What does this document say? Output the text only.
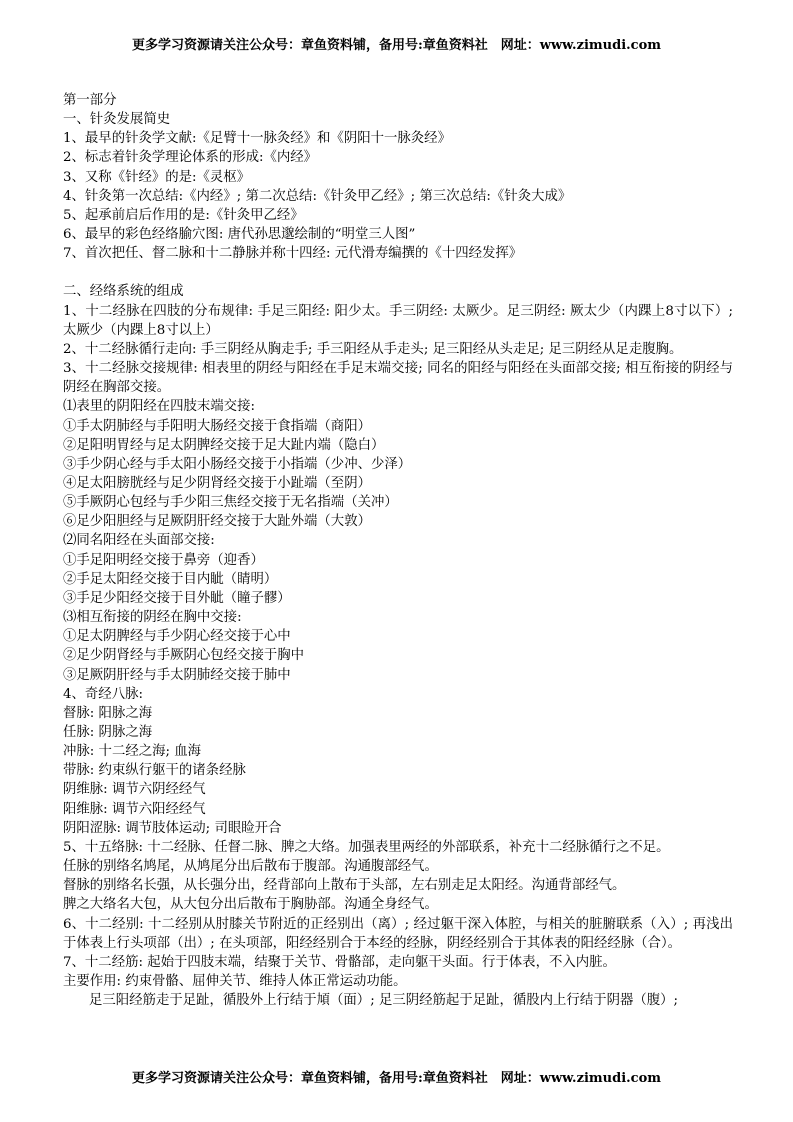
更多学习资源请关注公众号：章鱼资料铺，备用号:章鱼资料社　网址：www.zimudi.com

第一部分

一、针灸发展简史

1、最早的针灸学文献:《足臂十一脉灸经》和《阴阳十一脉灸经》

2、标志着针灸学理论体系的形成:《内经》

3、又称《针经》的是:《灵枢》

4、针灸第一次总结:《内经》; 第二次总结:《针灸甲乙经》; 第三次总结:《针灸大成》

5、起承前启后作用的是:《针灸甲乙经》

6、最早的彩色经络腧穴图: 唐代孙思邈绘制的“明堂三人图”

7、首次把任、督二脉和十二静脉并称十四经: 元代滑寿编撰的《十四经发挥》

二、经络系统的组成

1、十二经脉在四肢的分布规律: 手足三阳经: 阳少太。手三阴经: 太厥少。足三阴经: 厥太少（内踝上8寸以下）; 太厥少（内踝上8寸以上）

2、十二经脉循行走向: 手三阴经从胸走手; 手三阳经从手走头; 足三阳经从头走足; 足三阴经从足走腹胸。

3、十二经脉交接规律: 相表里的阴经与阳经在手足末端交接; 同名的阳经与阳经在头面部交接; 相互衔接的阴经与阴经在胸部交接。

⑴表里的阴阳经在四肢末端交接:

①手太阴肺经与手阳明大肠经交接于食指端（商阳）

②足阳明胃经与足太阴脾经交接于足大趾内端（隐白）

③手少阴心经与手太阳小肠经交接于小指端（少冲、少泽）

④足太阳膀胱经与足少阴肾经交接于小趾端（至阴）

⑤手厥阴心包经与手少阳三焦经交接于无名指端（关冲）

⑥足少阳胆经与足厥阴肝经交接于大趾外端（大敦）

⑵同名阳经在头面部交接:

①手足阳明经交接于鼻旁（迎香）

②手足太阳经交接于目内眦（睛明）

③手足少阳经交接于目外眦（瞳子髎）

⑶相互衔接的阴经在胸中交接:

①足太阴脾经与手少阴心经交接于心中

②足少阴肾经与手厥阴心包经交接于胸中

③足厥阴肝经与手太阴肺经交接于肺中

4、奇经八脉:

督脉: 阳脉之海

任脉: 阴脉之海

冲脉: 十二经之海; 血海

带脉: 约束纵行躯干的诸条经脉

阴维脉: 调节六阴经经气

阳维脉: 调节六阳经经气

阴阳涩脉: 调节肢体运动; 司眼睑开合

5、十五络脉: 十二经脉、任督二脉、脾之大络。加强表里两经的外部联系，补充十二经脉循行之不足。

任脉的别络名鸠尾，从鸠尾分出后散布于腹部。沟通腹部经气。

督脉的别络名长强，从长强分出，经背部向上散布于头部，左右别走足太阳经。沟通背部经气。

脾之大络名大包，从大包分出后散布于胸胁部。沟通全身经气。

6、十二经别: 十二经别从肘膝关节附近的正经别出（离）; 经过躯干深入体腔，与相关的脏腑联系（入）; 再浅出于体表上行头项部（出）; 在头项部，阳经经别合于本经的经脉，阴经经别合于其体表的阳经经脉（合）。

7、十二经筋: 起始于四肢末端，结聚于关节、骨骼部，走向躯干头面。行于体表，不入内脏。

主要作用: 约束骨骼、屈伸关节、维持人体正常运动功能。

足三阳经筋走于足趾，循股外上行结于頄（面）; 足三阴经筋起于足趾，循股内上行结于阴器（腹）;

更多学习资源请关注公众号：章鱼资料铺，备用号:章鱼资料社　网址：www.zimudi.com
